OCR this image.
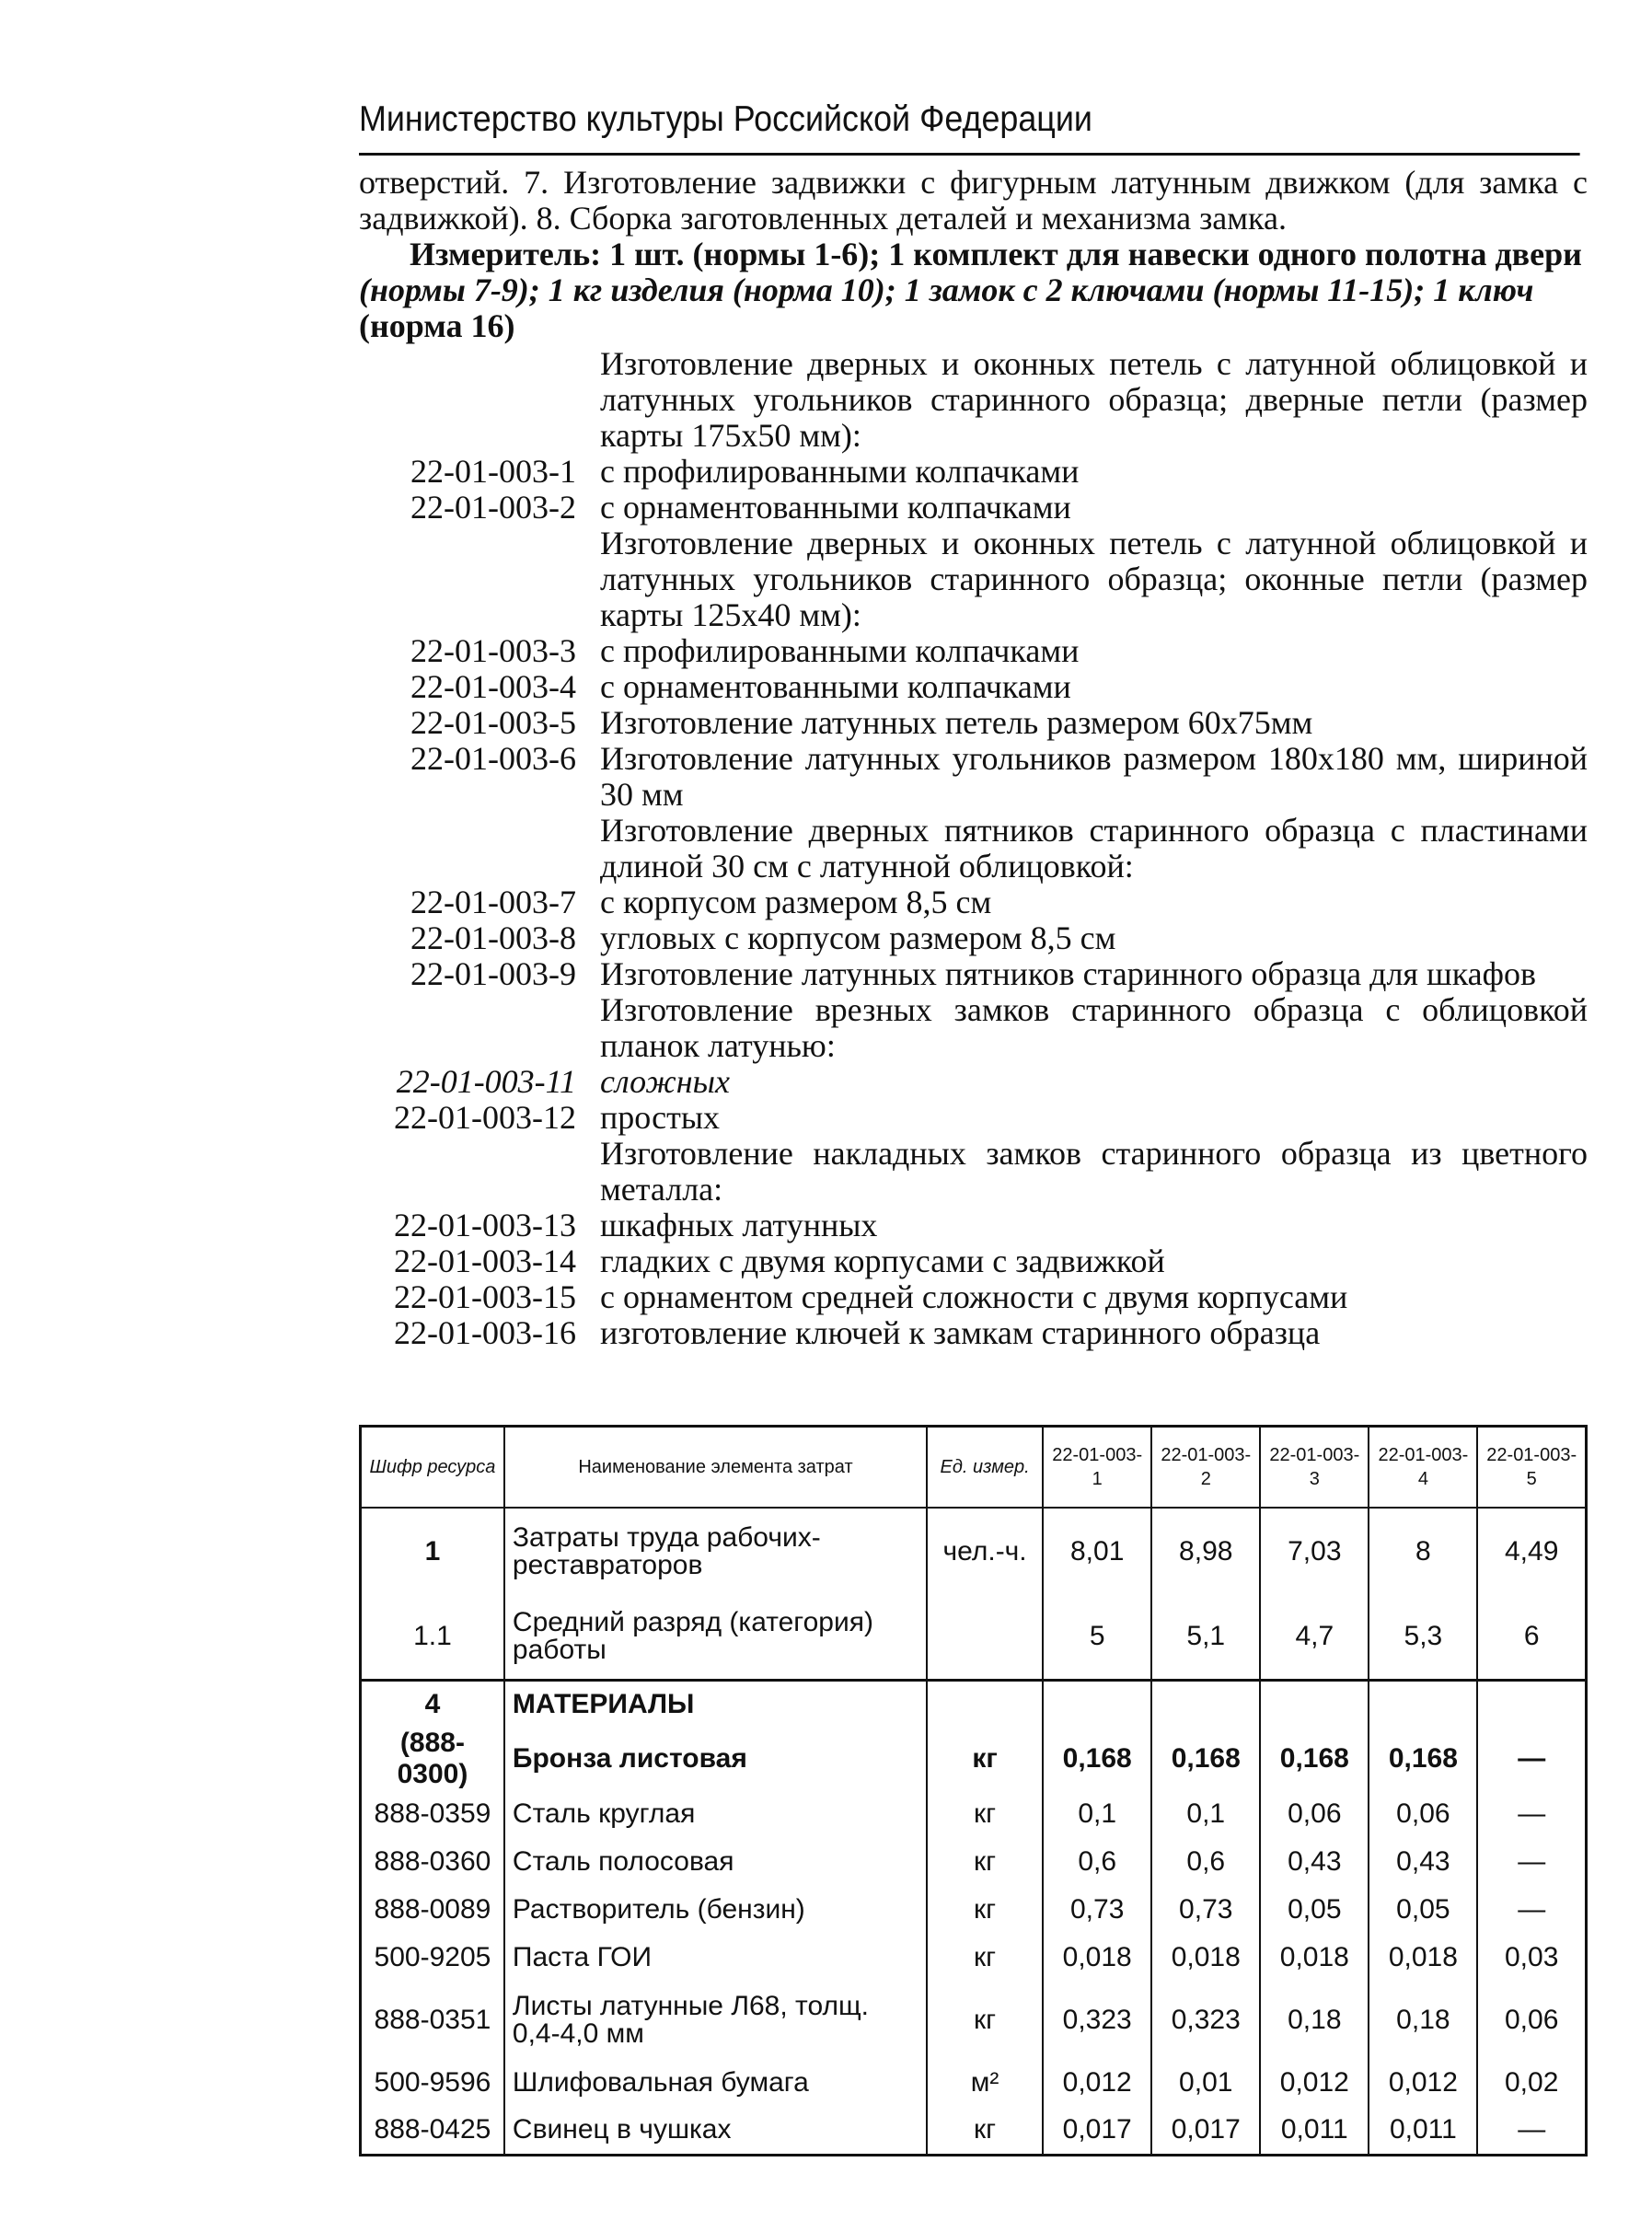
Министерство культуры Российской Федерации

отверстий. 7. Изготовление задвижки с фигурным латунным движком (для замка с задвижкой). 8. Сборка заготовленных деталей и механизма замка.

Измеритель: 1 шт. (нормы 1-6); 1 комплект для навески одного полотна двери

(нормы 7-9); 1 кг изделия (норма 10); 1 замок с 2 ключами (нормы 11-15); 1 ключ

(норма 16)

Изготовление дверных и оконных петель с латунной облицовкой и латунных угольников старинного образца; дверные петли (размер карты 175х50 мм):
22-01-003-1 с профилированными колпачками
22-01-003-2 с орнаментованными колпачками
Изготовление дверных и оконных петель с латунной облицовкой и латунных угольников старинного образца; оконные петли (размер карты 125х40 мм):
22-01-003-3 с профилированными колпачками
22-01-003-4 с орнаментованными колпачками
22-01-003-5 Изготовление латунных петель размером 60х75мм
22-01-003-6 Изготовление латунных угольников размером 180х180 мм, шириной 30 мм
Изготовление дверных пятников старинного образца с пластинами длиной 30 см с латунной облицовкой:
22-01-003-7 с корпусом размером 8,5 см
22-01-003-8 угловых с корпусом размером 8,5 см
22-01-003-9 Изготовление латунных пятников старинного образца для шкафов
Изготовление врезных замков старинного образца с облицовкой планок латунью:
22-01-003-11 сложных
22-01-003-12 простых
Изготовление накладных замков старинного образца из цветного металла:
22-01-003-13 шкафных латунных
22-01-003-14 гладких с двумя корпусами с задвижкой
22-01-003-15 с орнаментом средней сложности с двумя корпусами
22-01-003-16 изготовление ключей к замкам старинного образца
Шифр ресурса	Наименование элемента затрат	Ед. измер.	22-01-003-1	22-01-003-2	22-01-003-3	22-01-003-4	22-01-003-5
1	Затраты труда рабочих-реставраторов	чел.-ч.	8,01	8,98	7,03	8	4,49
1.1	Средний разряд (категория) работы		5	5,1	4,7	5,3	6
4	МАТЕРИАЛЫ						
(888-0300)	Бронза листовая	кг	0,168	0,168	0,168	0,168	—
888-0359	Сталь круглая	кг	0,1	0,1	0,06	0,06	—
888-0360	Сталь полосовая	кг	0,6	0,6	0,43	0,43	—
888-0089	Растворитель (бензин)	кг	0,73	0,73	0,05	0,05	—
500-9205	Паста ГОИ	кг	0,018	0,018	0,018	0,018	0,03
888-0351	Листы латунные Л68, толщ. 0,4-4,0 мм	кг	0,323	0,323	0,18	0,18	0,06
500-9596	Шлифовальная бумага	м²	0,012	0,01	0,012	0,012	0,02
888-0425	Свинец в чушках	кг	0,017	0,017	0,011	0,011	—
